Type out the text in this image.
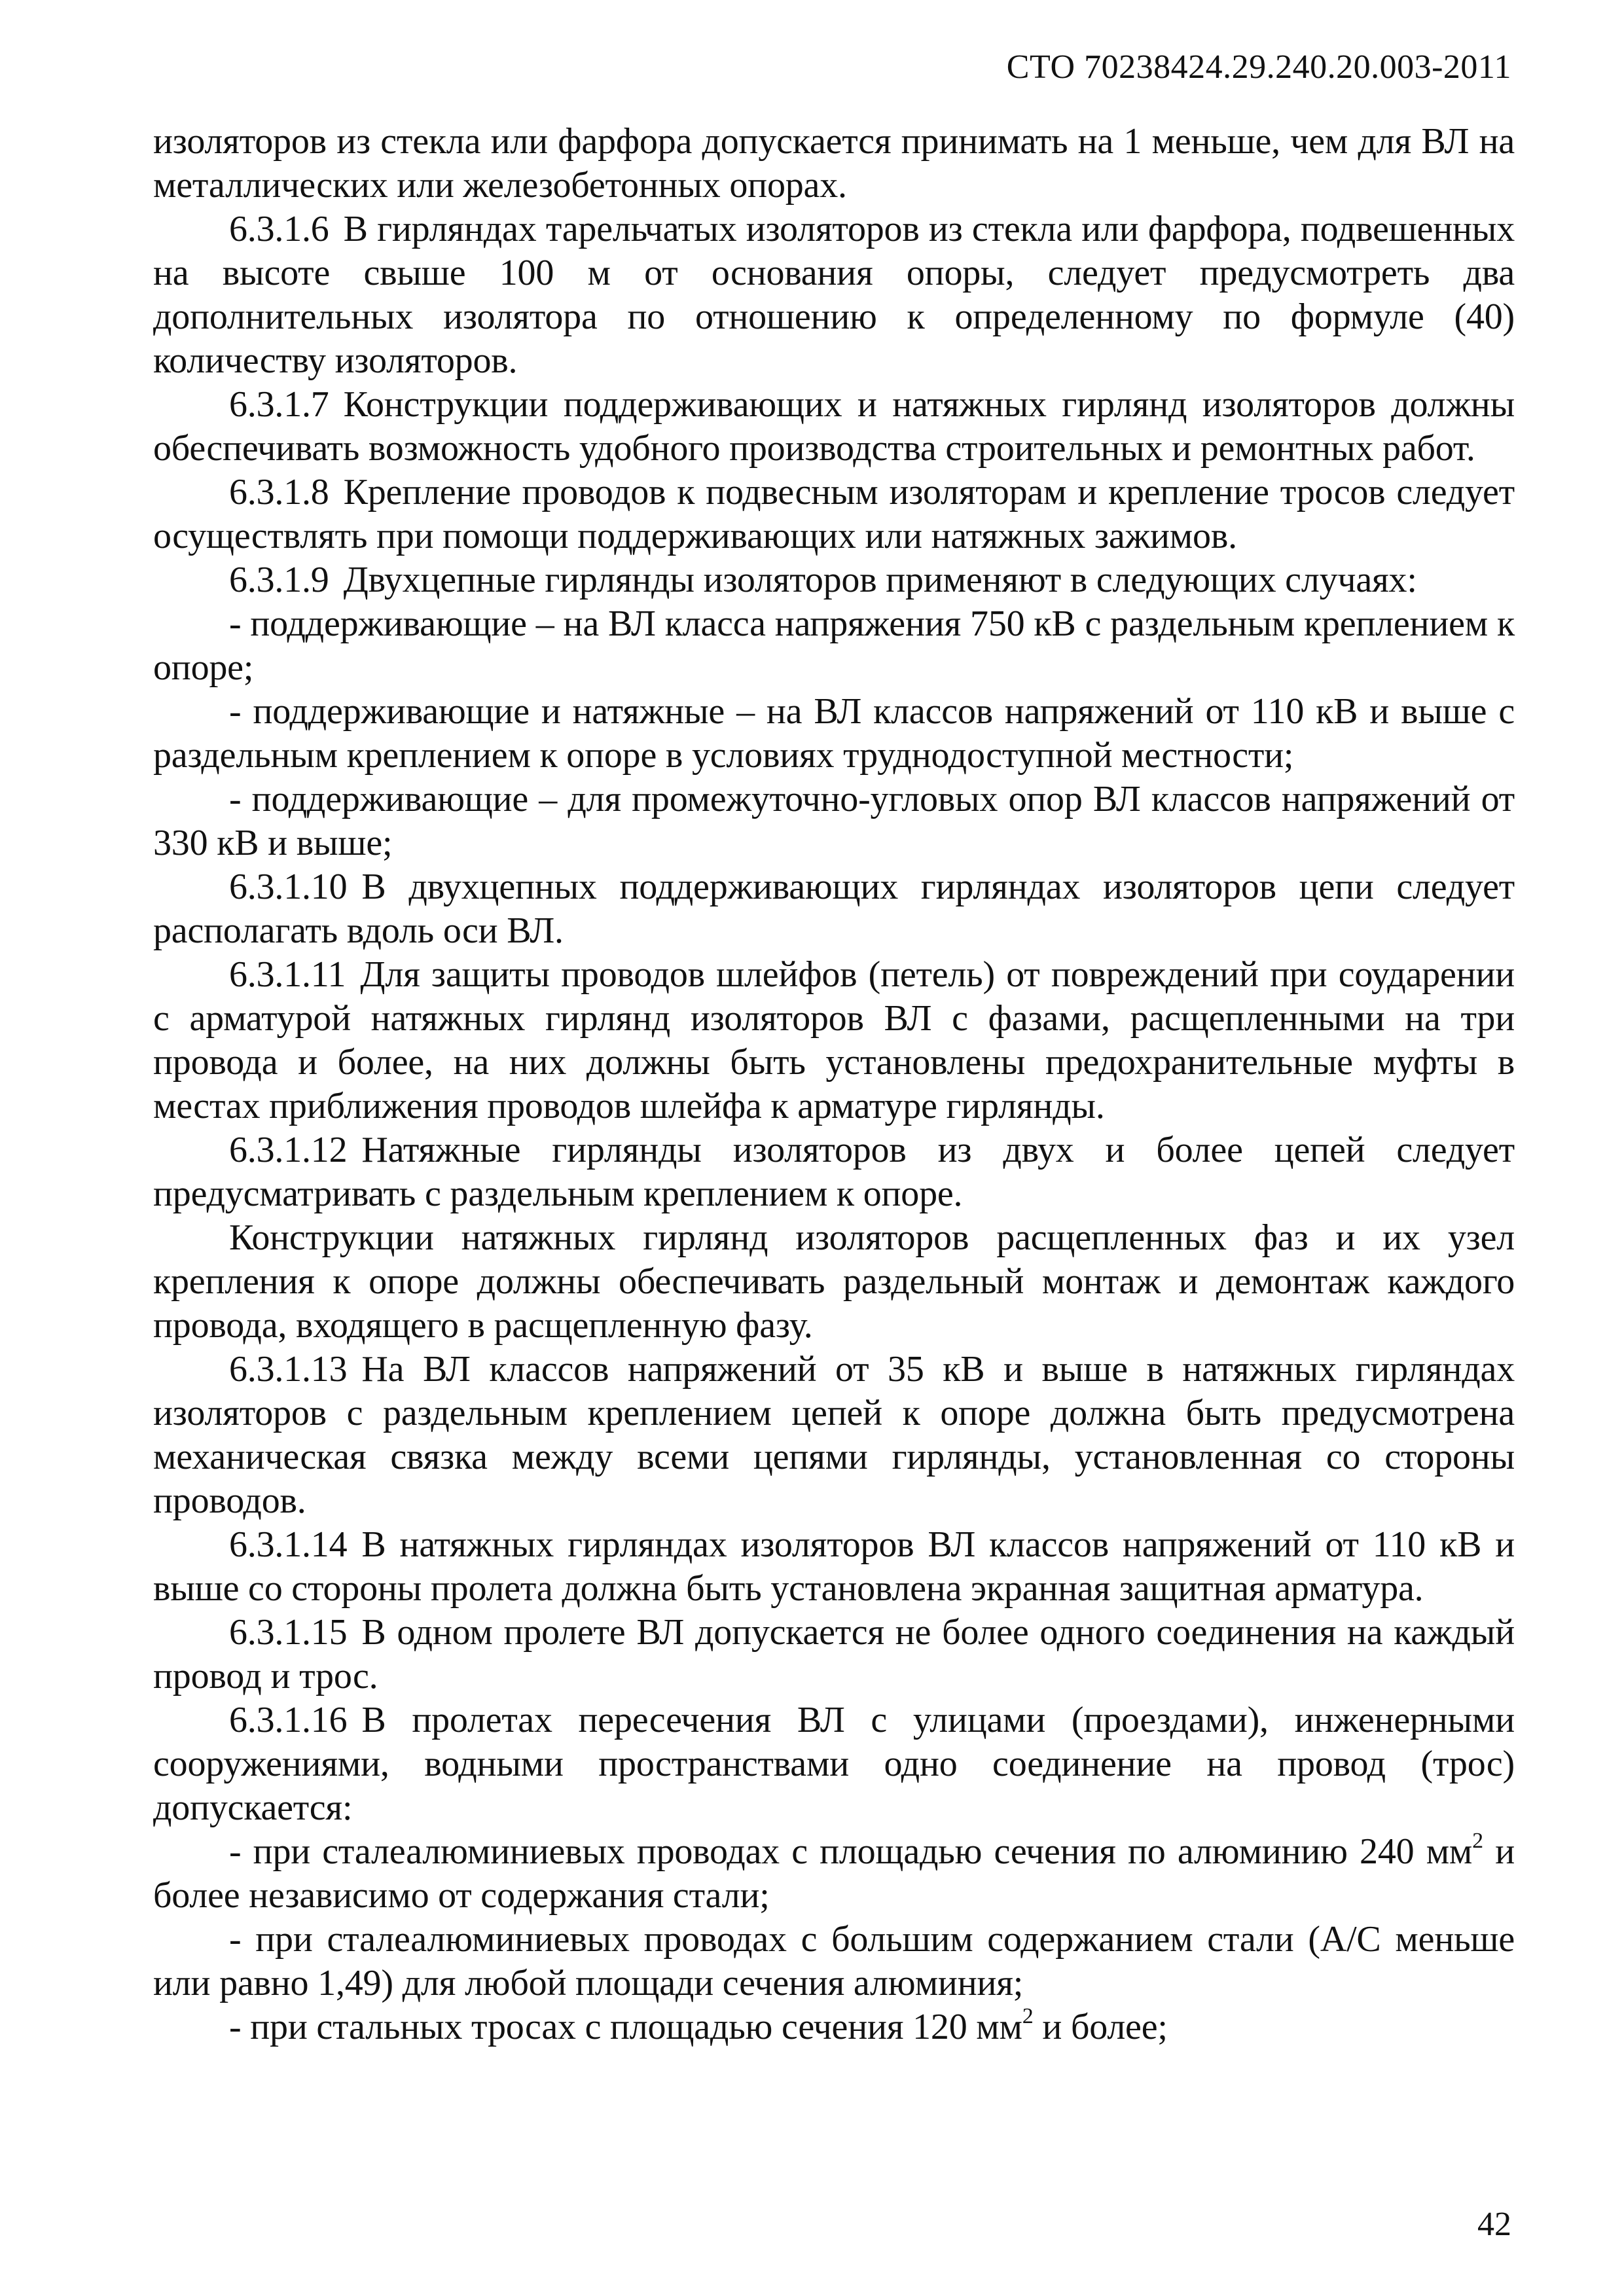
СТО 70238424.29.240.20.003-2011

изоляторов из стекла или фарфора допускается принимать на 1 меньше, чем для ВЛ на металлических или железобетонных опорах.

6.3.1.6 В гирляндах тарельчатых изоляторов из стекла или фарфора, подвешенных на высоте свыше 100 м от основания опоры, следует предусмотреть два дополнительных изолятора по отношению к определенному по формуле (40) количеству изоляторов.

6.3.1.7 Конструкции поддерживающих и натяжных гирлянд изоляторов должны обеспечивать возможность удобного производства строительных и ремонтных работ.

6.3.1.8 Крепление проводов к подвесным изоляторам и крепление тросов следует осуществлять при помощи поддерживающих или натяжных зажимов.

6.3.1.9 Двухцепные гирлянды изоляторов применяют в следующих случаях:

- поддерживающие – на ВЛ класса напряжения 750 кВ с раздельным креплением к опоре;

- поддерживающие и натяжные – на ВЛ классов напряжений от 110 кВ и выше с раздельным креплением к опоре в условиях труднодоступной местности;

- поддерживающие – для промежуточно-угловых опор ВЛ классов напряжений от 330 кВ и выше;

6.3.1.10 В двухцепных поддерживающих гирляндах изоляторов цепи следует располагать вдоль оси ВЛ.

6.3.1.11 Для защиты проводов шлейфов (петель) от повреждений при соударении с арматурой натяжных гирлянд изоляторов ВЛ с фазами, расщепленными на три провода и более, на них должны быть установлены предохранительные муфты в местах приближения проводов шлейфа к арматуре гирлянды.

6.3.1.12 Натяжные гирлянды изоляторов из двух и более цепей следует предусматривать с раздельным креплением к опоре.

Конструкции натяжных гирлянд изоляторов расщепленных фаз и их узел крепления к опоре должны обеспечивать раздельный монтаж и демонтаж каждого провода, входящего в расщепленную фазу.

6.3.1.13 На ВЛ классов напряжений от 35 кВ и выше в натяжных гирляндах изоляторов с раздельным креплением цепей к опоре должна быть предусмотрена механическая связка между всеми цепями гирлянды, установленная со стороны проводов.

6.3.1.14 В натяжных гирляндах изоляторов ВЛ классов напряжений от 110 кВ и выше со стороны пролета должна быть установлена экранная защитная арматура.

6.3.1.15 В одном пролете ВЛ допускается не более одного соединения на каждый провод и трос.

6.3.1.16 В пролетах пересечения ВЛ с улицами (проездами), инженерными сооружениями, водными пространствами одно соединение на провод (трос) допускается:

- при сталеалюминиевых проводах с площадью сечения по алюминию 240 $мм^2$ и более независимо от содержания стали;

- при сталеалюминиевых проводах с большим содержанием стали (А/С меньше или равно 1,49) для любой площади сечения алюминия;

- при стальных тросах с площадью сечения 120 $мм^2$ и более;

42
